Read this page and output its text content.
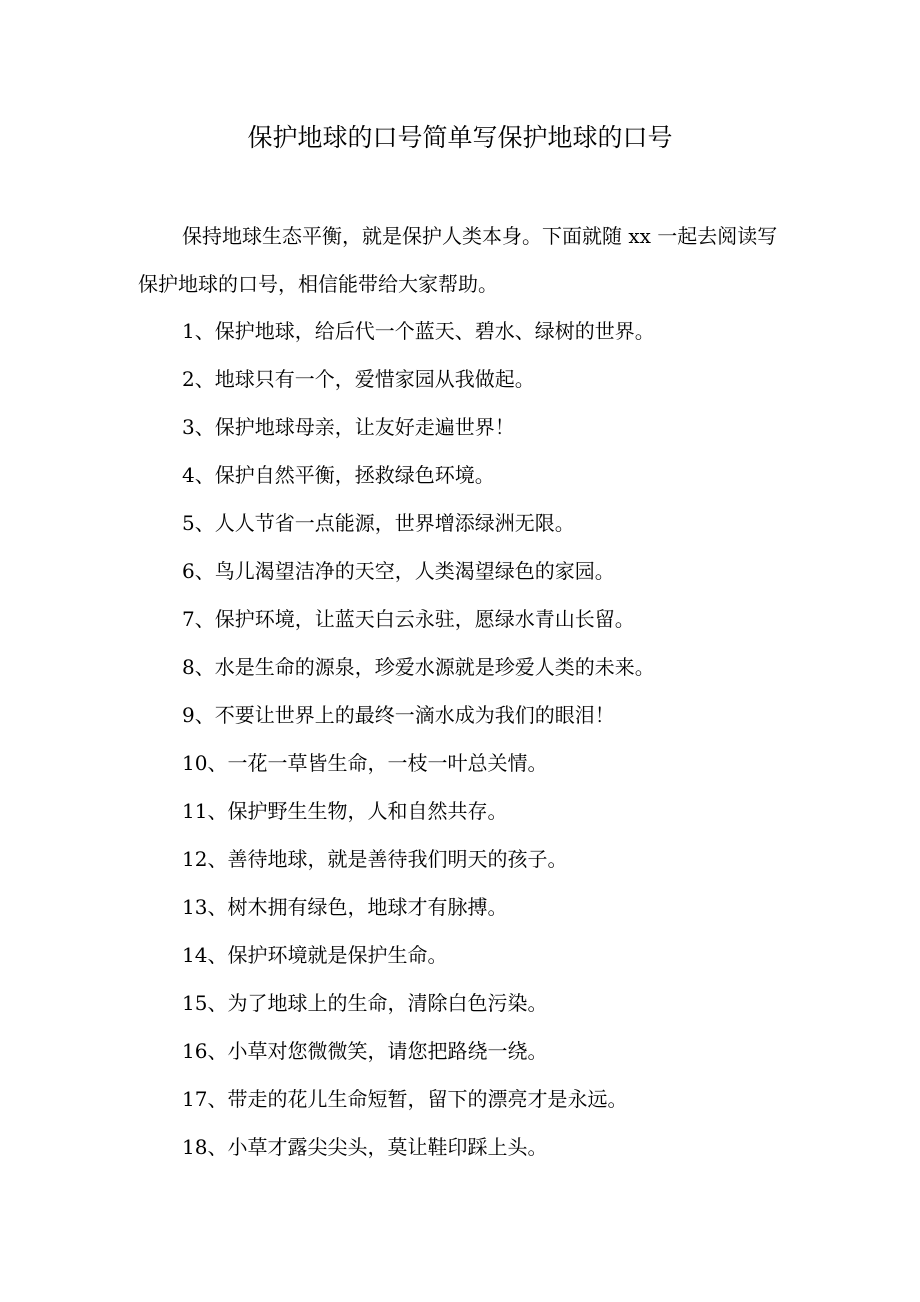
保护地球的口号简单写保护地球的口号

保持地球生态平衡，就是保护人类本身。下面就随 xx 一起去阅读写保护地球的口号，相信能带给大家帮助。

1、保护地球，给后代一个蓝天、碧水、绿树的世界。
2、地球只有一个，爱惜家园从我做起。
3、保护地球母亲，让友好走遍世界！
4、保护自然平衡，拯救绿色环境。
5、人人节省一点能源，世界增添绿洲无限。
6、鸟儿渴望洁净的天空，人类渴望绿色的家园。
7、保护环境，让蓝天白云永驻，愿绿水青山长留。
8、水是生命的源泉，珍爱水源就是珍爱人类的未来。
9、不要让世界上的最终一滴水成为我们的眼泪！
10、一花一草皆生命，一枝一叶总关情。
11、保护野生生物，人和自然共存。
12、善待地球，就是善待我们明天的孩子。
13、树木拥有绿色，地球才有脉搏。
14、保护环境就是保护生命。
15、为了地球上的生命，清除白色污染。
16、小草对您微微笑，请您把路绕一绕。
17、带走的花儿生命短暂，留下的漂亮才是永远。
18、小草才露尖尖头，莫让鞋印踩上头。
